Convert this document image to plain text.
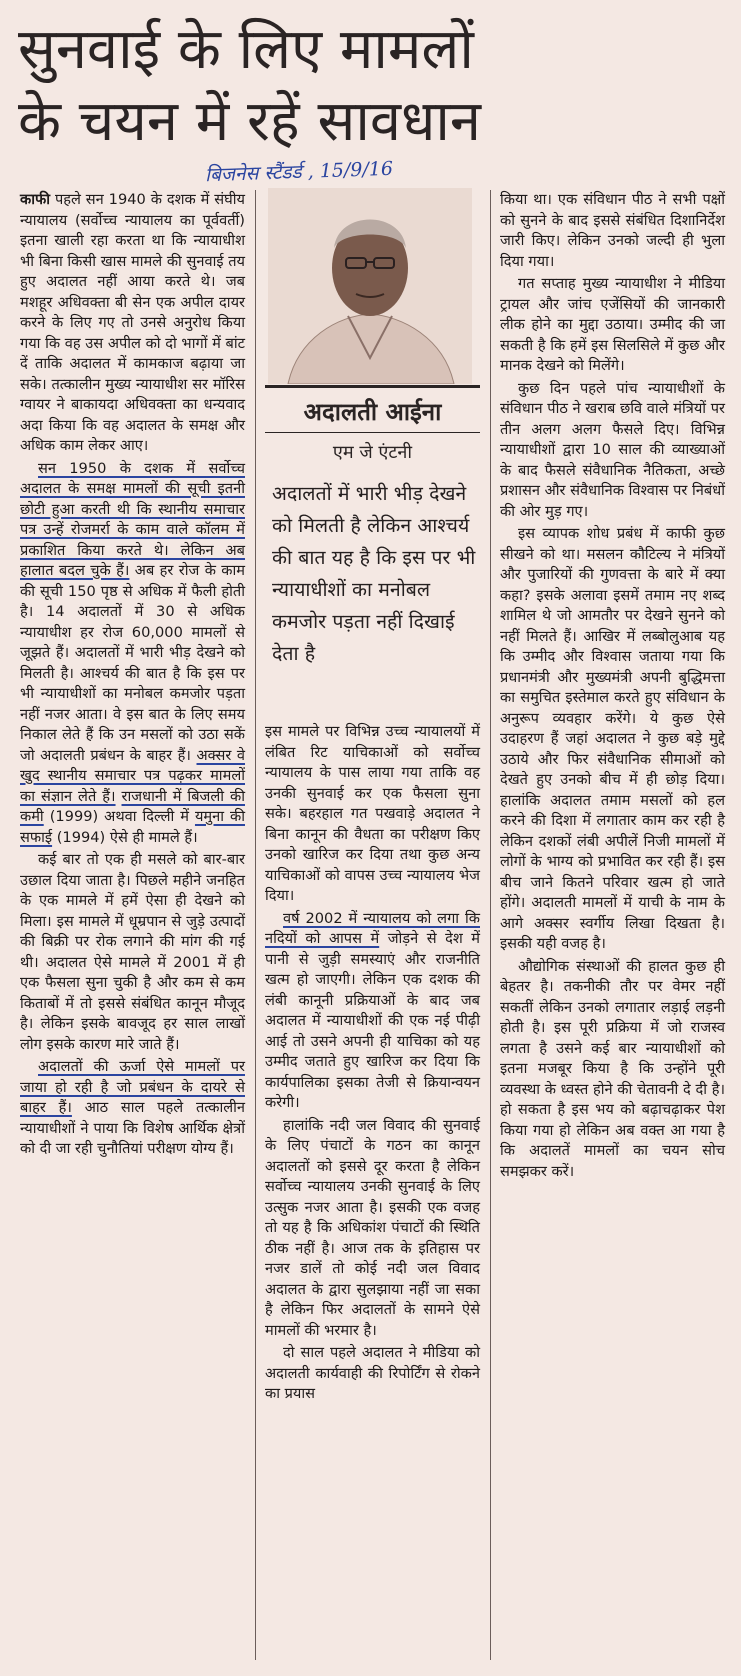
सुनवाई के लिए मामलों
के चयन में रहें सावधान
बिजनेस स्टैंडर्ड , 15/9/16

काफी पहले सन 1940 के दशक में संघीय न्यायालय (सर्वोच्च न्यायालय का पूर्ववर्ती) इतना खाली रहा करता था कि न्यायाधीश भी बिना किसी खास मामले की सुनवाई तय हुए अदालत नहीं आया करते थे। जब मशहूर अधिवक्ता बी सेन एक अपील दायर करने के लिए गए तो उनसे अनुरोध किया गया कि वह उस अपील को दो भागों में बांट दें ताकि अदालत में कामकाज बढ़ाया जा सके। तत्कालीन मुख्य न्यायाधीश सर मॉरिस ग्वायर ने बाकायदा अधिवक्ता का धन्यवाद अदा किया कि वह अदालत के समक्ष और अधिक काम लेकर आए।

सन 1950 के दशक में सर्वोच्च अदालत के समक्ष मामलों की सूची इतनी छोटी हुआ करती थी कि स्थानीय समाचार पत्र उन्हें रोजमर्रा के काम वाले कॉलम में प्रकाशित किया करते थे। लेकिन अब हालात बदल चुके हैं। अब हर रोज के काम की सूची 150 पृष्ठ से अधिक में फैली होती है। 14 अदालतों में 30 से अधिक न्यायाधीश हर रोज 60,000 मामलों से जूझते हैं। अदालतों में भारी भीड़ देखने को मिलती है। आश्चर्य की बात है कि इस पर भी न्यायाधीशों का मनोबल कमजोर पड़ता नहीं नजर आता। वे इस बात के लिए समय निकाल लेते हैं कि उन मसलों को उठा सकें जो अदालती प्रबंधन के बाहर हैं। अक्सर वे खुद स्थानीय समाचार पत्र पढ़कर मामलों का संज्ञान लेते हैं। राजधानी में बिजली की कमी (1999) अथवा दिल्ली में यमुना की सफाई (1994) ऐसे ही मामले हैं।

कई बार तो एक ही मसले को बार-बार उछाल दिया जाता है। पिछले महीने जनहित के एक मामले में हमें ऐसा ही देखने को मिला। इस मामले में धूम्रपान से जुड़े उत्पादों की बिक्री पर रोक लगाने की मांग की गई थी। अदालत ऐसे मामले में 2001 में ही एक फैसला सुना चुकी है और कम से कम किताबों में तो इससे संबंधित कानून मौजूद है। लेकिन इसके बावजूद हर साल लाखों लोग इसके कारण मारे जाते हैं।

अदालतों की ऊर्जा ऐसे मामलों पर जाया हो रही है जो प्रबंधन के दायरे से बाहर हैं। आठ साल पहले तत्कालीन न्यायाधीशों ने पाया कि विशेष आर्थिक क्षेत्रों को दी जा रही चुनौतियां परीक्षण योग्य हैं।

अदालती आईना
एम जे एंटनी
अदालतों में भारी भीड़ देखने को मिलती है लेकिन आश्चर्य की बात यह है कि इस पर भी न्यायाधीशों का मनोबल कमजोर पड़ता नहीं दिखाई देता है

इस मामले पर विभिन्न उच्च न्यायालयों में लंबित रिट याचिकाओं को सर्वोच्च न्यायालय के पास लाया गया ताकि वह उनकी सुनवाई कर एक फैसला सुना सके। बहरहाल गत पखवाड़े अदालत ने बिना कानून की वैधता का परीक्षण किए उनको खारिज कर दिया तथा कुछ अन्य याचिकाओं को वापस उच्च न्यायालय भेज दिया।

वर्ष 2002 में न्यायालय को लगा कि नदियों को आपस में जोड़ने से देश में पानी से जुड़ी समस्याएं और राजनीति खत्म हो जाएगी। लेकिन एक दशक की लंबी कानूनी प्रक्रियाओं के बाद जब अदालत में न्यायाधीशों की एक नई पीढ़ी आई तो उसने अपनी ही याचिका को यह उम्मीद जताते हुए खारिज कर दिया कि कार्यपालिका इसका तेजी से क्रियान्वयन करेगी।

हालांकि नदी जल विवाद की सुनवाई के लिए पंचाटों के गठन का कानून अदालतों को इससे दूर करता है लेकिन सर्वोच्च न्यायालय उनकी सुनवाई के लिए उत्सुक नजर आता है। इसकी एक वजह तो यह है कि अधिकांश पंचाटों की स्थिति ठीक नहीं है। आज तक के इतिहास पर नजर डालें तो कोई नदी जल विवाद अदालत के द्वारा सुलझाया नहीं जा सका है लेकिन फिर अदालतों के सामने ऐसे मामलों की भरमार है।

दो साल पहले अदालत ने मीडिया को अदालती कार्यवाही की रिपोर्टिंग से रोकने का प्रयास

किया था। एक संविधान पीठ ने सभी पक्षों को सुनने के बाद इससे संबंधित दिशानिर्देश जारी किए। लेकिन उनको जल्दी ही भुला दिया गया।

गत सप्ताह मुख्य न्यायाधीश ने मीडिया ट्रायल और जांच एजेंसियों की जानकारी लीक होने का मुद्दा उठाया। उम्मीद की जा सकती है कि हमें इस सिलसिले में कुछ और मानक देखने को मिलेंगे।

कुछ दिन पहले पांच न्यायाधीशों के संविधान पीठ ने खराब छवि वाले मंत्रियों पर तीन अलग अलग फैसले दिए। विभिन्न न्यायाधीशों द्वारा 10 साल की व्याख्याओं के बाद फैसले संवैधानिक नैतिकता, अच्छे प्रशासन और संवैधानिक विश्वास पर निबंधों की ओर मुड़ गए।

इस व्यापक शोध प्रबंध में काफी कुछ सीखने को था। मसलन कौटिल्य ने मंत्रियों और पुजारियों की गुणवत्ता के बारे में क्या कहा? इसके अलावा इसमें तमाम नए शब्द शामिल थे जो आमतौर पर देखने सुनने को नहीं मिलते हैं। आखिर में लब्बोलुआब यह कि उम्मीद और विश्वास जताया गया कि प्रधानमंत्री और मुख्यमंत्री अपनी बुद्धिमत्ता का समुचित इस्तेमाल करते हुए संविधान के अनुरूप व्यवहार करेंगे। ये कुछ ऐसे उदाहरण हैं जहां अदालत ने कुछ बड़े मुद्दे उठाये और फिर संवैधानिक सीमाओं को देखते हुए उनको बीच में ही छोड़ दिया। हालांकि अदालत तमाम मसलों को हल करने की दिशा में लगातार काम कर रही है लेकिन दशकों लंबी अपीलें निजी मामलों में लोगों के भाग्य को प्रभावित कर रही हैं। इस बीच जाने कितने परिवार खत्म हो जाते होंगे। अदालती मामलों में याची के नाम के आगे अक्सर स्वर्गीय लिखा दिखता है। इसकी यही वजह है।

औद्योगिक संस्थाओं की हालत कुछ ही बेहतर है। तकनीकी तौर पर वेमर नहीं सकतीं लेकिन उनको लगातार लड़ाई लड़नी होती है। इस पूरी प्रक्रिया में जो राजस्व लगता है उसने कई बार न्यायाधीशों को इतना मजबूर किया है कि उन्होंने पूरी व्यवस्था के ध्वस्त होने की चेतावनी दे दी है। हो सकता है इस भय को बढ़ाचढ़ाकर पेश किया गया हो लेकिन अब वक्त आ गया है कि अदालतें मामलों का चयन सोच समझकर करें।
